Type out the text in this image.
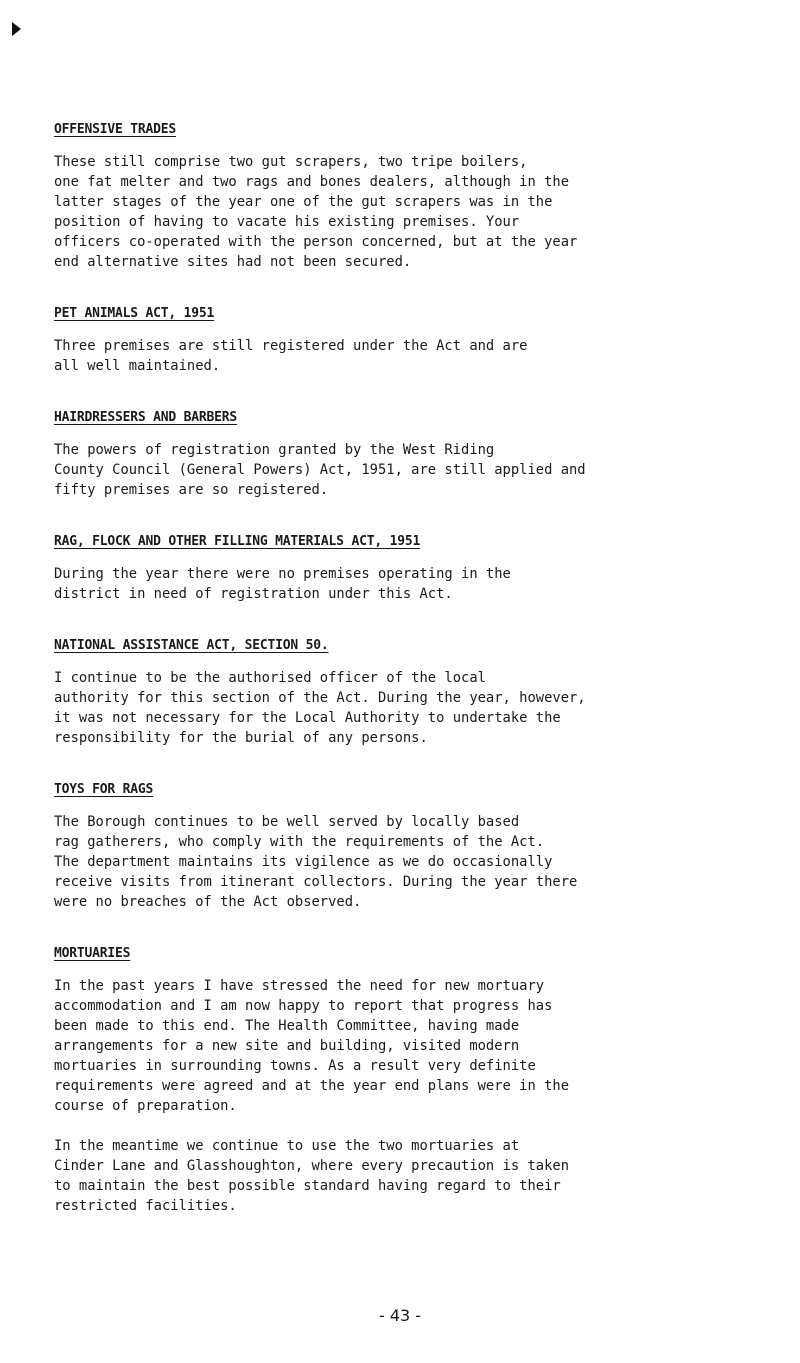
OFFENSIVE TRADES

These still comprise two gut scrapers, two tripe boilers,
one fat melter and two rags and bones dealers, although in the
latter stages of the year one of the gut scrapers was in the
position of having to vacate his existing premises. Your
officers co-operated with the person concerned, but at the year
end alternative sites had not been secured.

PET ANIMALS ACT, 1951

Three premises are still registered under the Act and are
all well maintained.

HAIRDRESSERS AND BARBERS

The powers of registration granted by the West Riding
County Council (General Powers) Act, 1951, are still applied and
fifty premises are so registered.

RAG, FLOCK AND OTHER FILLING MATERIALS ACT, 1951

During the year there were no premises operating in the
district in need of registration under this Act.

NATIONAL ASSISTANCE ACT, SECTION 50.

I continue to be the authorised officer of the local
authority for this section of the Act. During the year, however,
it was not necessary for the Local Authority to undertake the
responsibility for the burial of any persons.

TOYS FOR RAGS

The Borough continues to be well served by locally based
rag gatherers, who comply with the requirements of the Act.
The department maintains its vigilence as we do occasionally
receive visits from itinerant collectors. During the year there
were no breaches of the Act observed.

MORTUARIES

In the past years I have stressed the need for new mortuary
accommodation and I am now happy to report that progress has
been made to this end. The Health Committee, having made
arrangements for a new site and building, visited modern
mortuaries in surrounding towns. As a result very definite
requirements were agreed and at the year end plans were in the
course of preparation.

In the meantime we continue to use the two mortuaries at
Cinder Lane and Glasshoughton, where every precaution is taken
to maintain the best possible standard having regard to their
restricted facilities.

- 43 -
